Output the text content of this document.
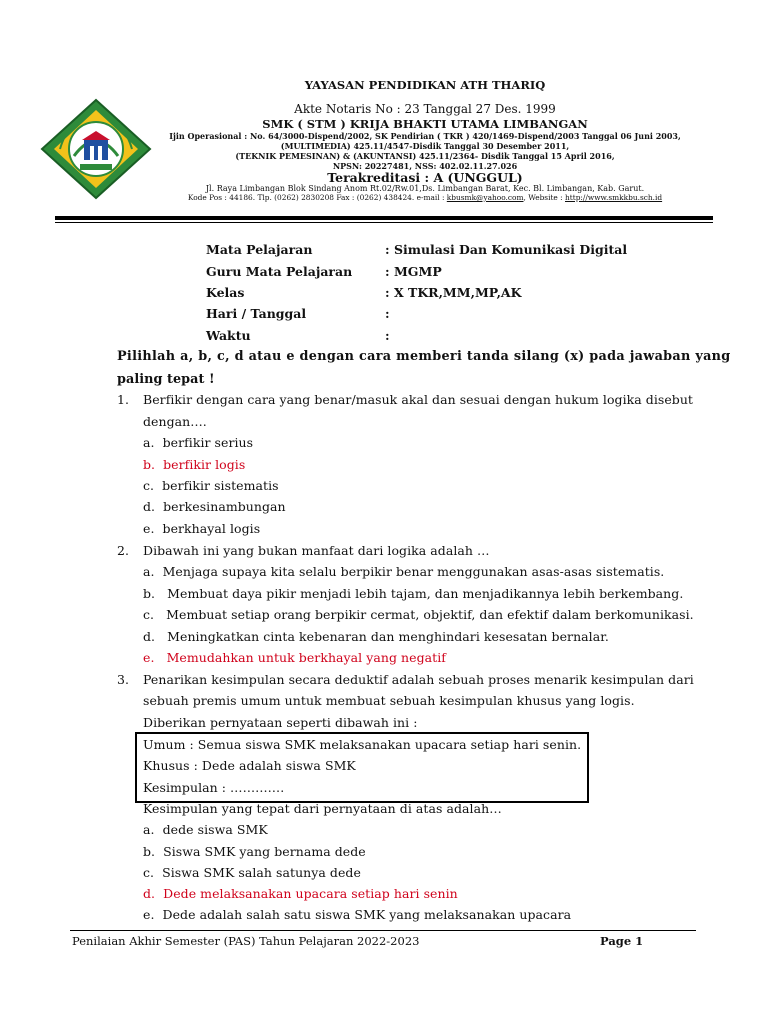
YAYASAN PENDIDIKAN ATH THARIQ
Akte Notaris No : 23 Tanggal 27 Des. 1999
SMK ( STM ) KRIJA BHAKTI UTAMA LIMBANGAN
Ijin Operasional : No. 64/3000-Dispend/2002, SK Pendirian ( TKR ) 420/1469-Dispend/2003 Tanggal 06 Juni 2003,
(MULTIMEDIA) 425.11/4547-Disdik Tanggal 30 Desember 2011,
(TEKNIK PEMESINAN) & (AKUNTANSI) 425.11/2364- Disdik Tanggal 15 April 2016,
NPSN: 20227481, NSS: 402.02.11.27.026
Terakreditasi : A (UNGGUL)
Jl. Raya Limbangan Blok Sindang Anom Rt.02/Rw.01,Ds. Limbangan Barat, Kec. Bl. Limbangan, Kab. Garut.
Kode Pos : 44186. Tlp. (0262) 2830208 Fax : (0262) 438424. e-mail : kbusmk@yahoo.com, Website : http://www.smkkbu.sch.id
Mata Pelajaran	: Simulasi Dan Komunikasi Digital
Guru Mata Pelajaran	: MGMP
Kelas	: X TKR,MM,MP,AK
Hari / Tanggal	:
Waktu	:
Pilihlah a, b, c, d atau e dengan cara memberi tanda silang (x) pada jawaban yang
paling tepat !
1. Berfikir dengan cara yang benar/masuk akal dan sesuai dengan hukum logika disebut
dengan….
a. berfikir serius
b. berfikir logis
c. berfikir sistematis
d. berkesinambungan
e. berkhayal logis
2. Dibawah ini yang bukan manfaat dari logika adalah …
a. Menjaga supaya kita selalu berpikir benar menggunakan asas-asas sistematis.
b. Membuat daya pikir menjadi lebih tajam, dan menjadikannya lebih berkembang.
c. Membuat setiap orang berpikir cermat, objektif, dan efektif dalam berkomunikasi.
d. Meningkatkan cinta kebenaran dan menghindari kesesatan bernalar.
e. Memudahkan untuk berkhayal yang negatif
3. Penarikan kesimpulan secara deduktif adalah sebuah proses menarik kesimpulan dari
sebuah premis umum untuk membuat sebuah kesimpulan khusus yang logis.
Diberikan pernyataan seperti dibawah ini :
Umum : Semua siswa SMK melaksanakan upacara setiap hari senin.
Khusus : Dede adalah siswa SMK
Kesimpulan : ………….
Kesimpulan yang tepat dari pernyataan di atas adalah…
a. dede siswa SMK
b. Siswa SMK yang bernama dede
c. Siswa SMK salah satunya dede
d. Dede melaksanakan upacara setiap hari senin
e. Dede adalah salah satu siswa SMK yang melaksanakan upacara
Penilaian Akhir Semester (PAS) Tahun Pelajaran 2022-2023	Page 1
